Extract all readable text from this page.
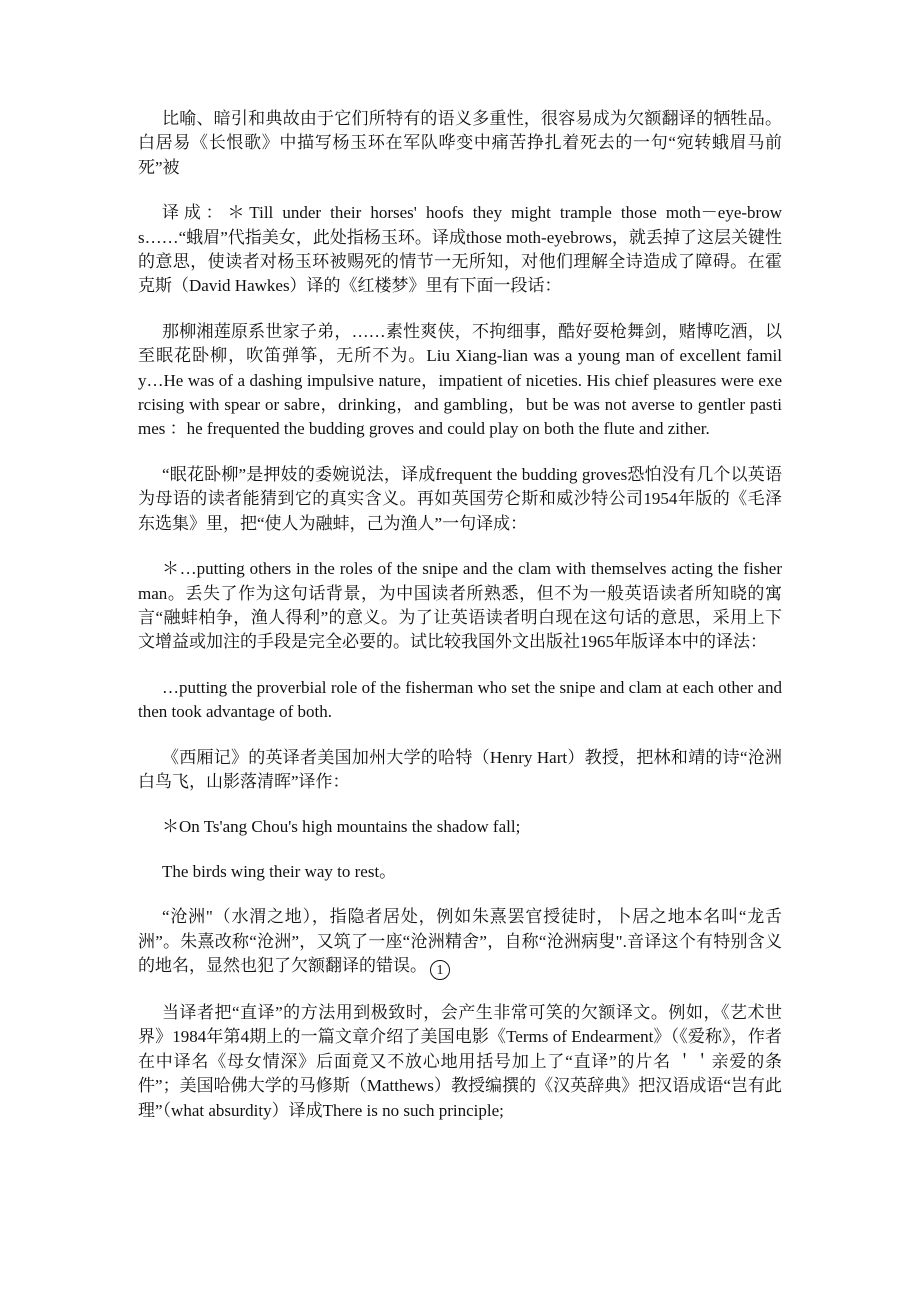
比喻、暗引和典故由于它们所特有的语义多重性，很容易成为欠额翻译的牺牲品。白居易《长恨歌》中描写杨玉环在军队哗变中痛苦挣扎着死去的一句“宛转蛾眉马前死”被

译成：＊Till under their horses' hoofs they might trample those moth－eye-brows……“蛾眉”代指美女，此处指杨玉环。译成those moth-eyebrows，就丢掉了这层关键性的意思，使读者对杨玉环被赐死的情节一无所知，对他们理解全诗造成了障碍。在霍克斯（David Hawkes）译的《红楼梦》里有下面一段话：

那柳湘莲原系世家子弟，……素性爽侠，不拘细事，酷好耍枪舞剑，赌博吃酒，以至眠花卧柳，吹笛弹筝，无所不为。Liu Xiang-lian was a young man of excellent family…He was of a dashing impulsive nature，impatient of niceties. His chief pleasures were exercising with spear or sabre，drinking，and gambling，but be was not averse to gentler pastimes ：he frequented the budding groves and could play on both the flute and zither.

“眠花卧柳”是押妓的委婉说法，译成frequent the budding groves恐怕没有几个以英语为母语的读者能猜到它的真实含义。再如英国劳仑斯和威沙特公司1954年版的《毛泽东选集》里，把“使人为融蚌，己为渔人”一句译成：

＊…putting others in the roles of the snipe and the clam with themselves acting the fisher man。丢失了作为这句话背景，为中国读者所熟悉，但不为一般英语读者所知晓的寓言“融蚌柏争，渔人得利”的意义。为了让英语读者明白现在这句话的意思，采用上下文增益或加注的手段是完全必要的。试比较我国外文出版社1965年版译本中的译法：

…putting the proverbial role of the fisherman who set the snipe and clam at each other and then took advantage of both.

《西厢记》的英译者美国加州大学的哈特（Henry Hart）教授，把林和靖的诗“沧洲白鸟飞，山影落清晖”译作：

＊On Ts'ang Chou's high mountains the shadow fall;

The birds wing their way to rest。

“沧洲"（水渭之地），指隐者居处，例如朱熹罢官授徒时，卜居之地本名叫“龙舌洲”。朱熹改称“沧洲”，又筑了一座“沧洲精舍”，自称“沧洲病叟".音译这个有特别含义的地名，显然也犯了欠额翻译的错误。 1

当译者把“直译”的方法用到极致时，会产生非常可笑的欠额译文。例如，《艺术世界》1984年第4期上的一篇文章介绍了美国电影《Terms of Endearment》（《爱称》，作者在中译名《母女情深》后面竟又不放心地用括号加上了“直译”的片名 ＇＇亲爱的条件”；美国哈佛大学的马修斯（Matthews）教授编撰的《汉英辞典》把汉语成语“岂有此理”（what absurdity）译成There is no such principle;
